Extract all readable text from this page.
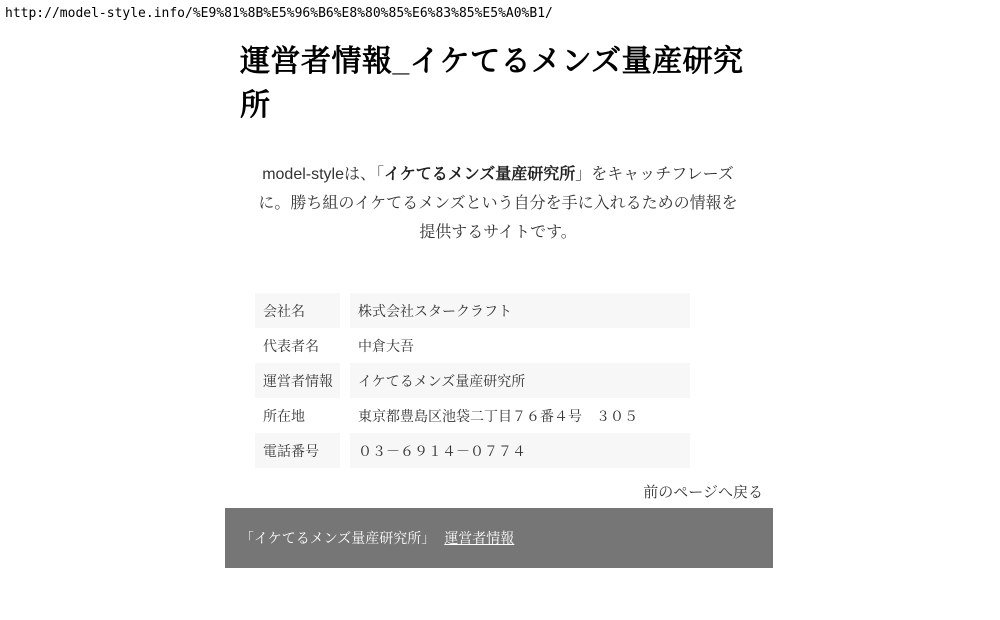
http://model-style.info/%E9%81%8B%E5%96%B6%E8%80%85%E6%83%85%E5%A0%B1/
運営者情報_イケてるメンズ量産研究所

model-styleは、「イケてるメンズ量産研究所」をキャッチフレーズに。勝ち組のイケてるメンズという自分を手に入れるための情報を提供するサイトです。

会社名	株式会社スタークラフト
代表者名	中倉大吾
運営者情報	イケてるメンズ量産研究所
所在地	東京都豊島区池袋二丁目７６番４号　３０５
電話番号	０３－６９１４－０７７４
前のページへ戻る
「イケてるメンズ量産研究所」 運営者情報
